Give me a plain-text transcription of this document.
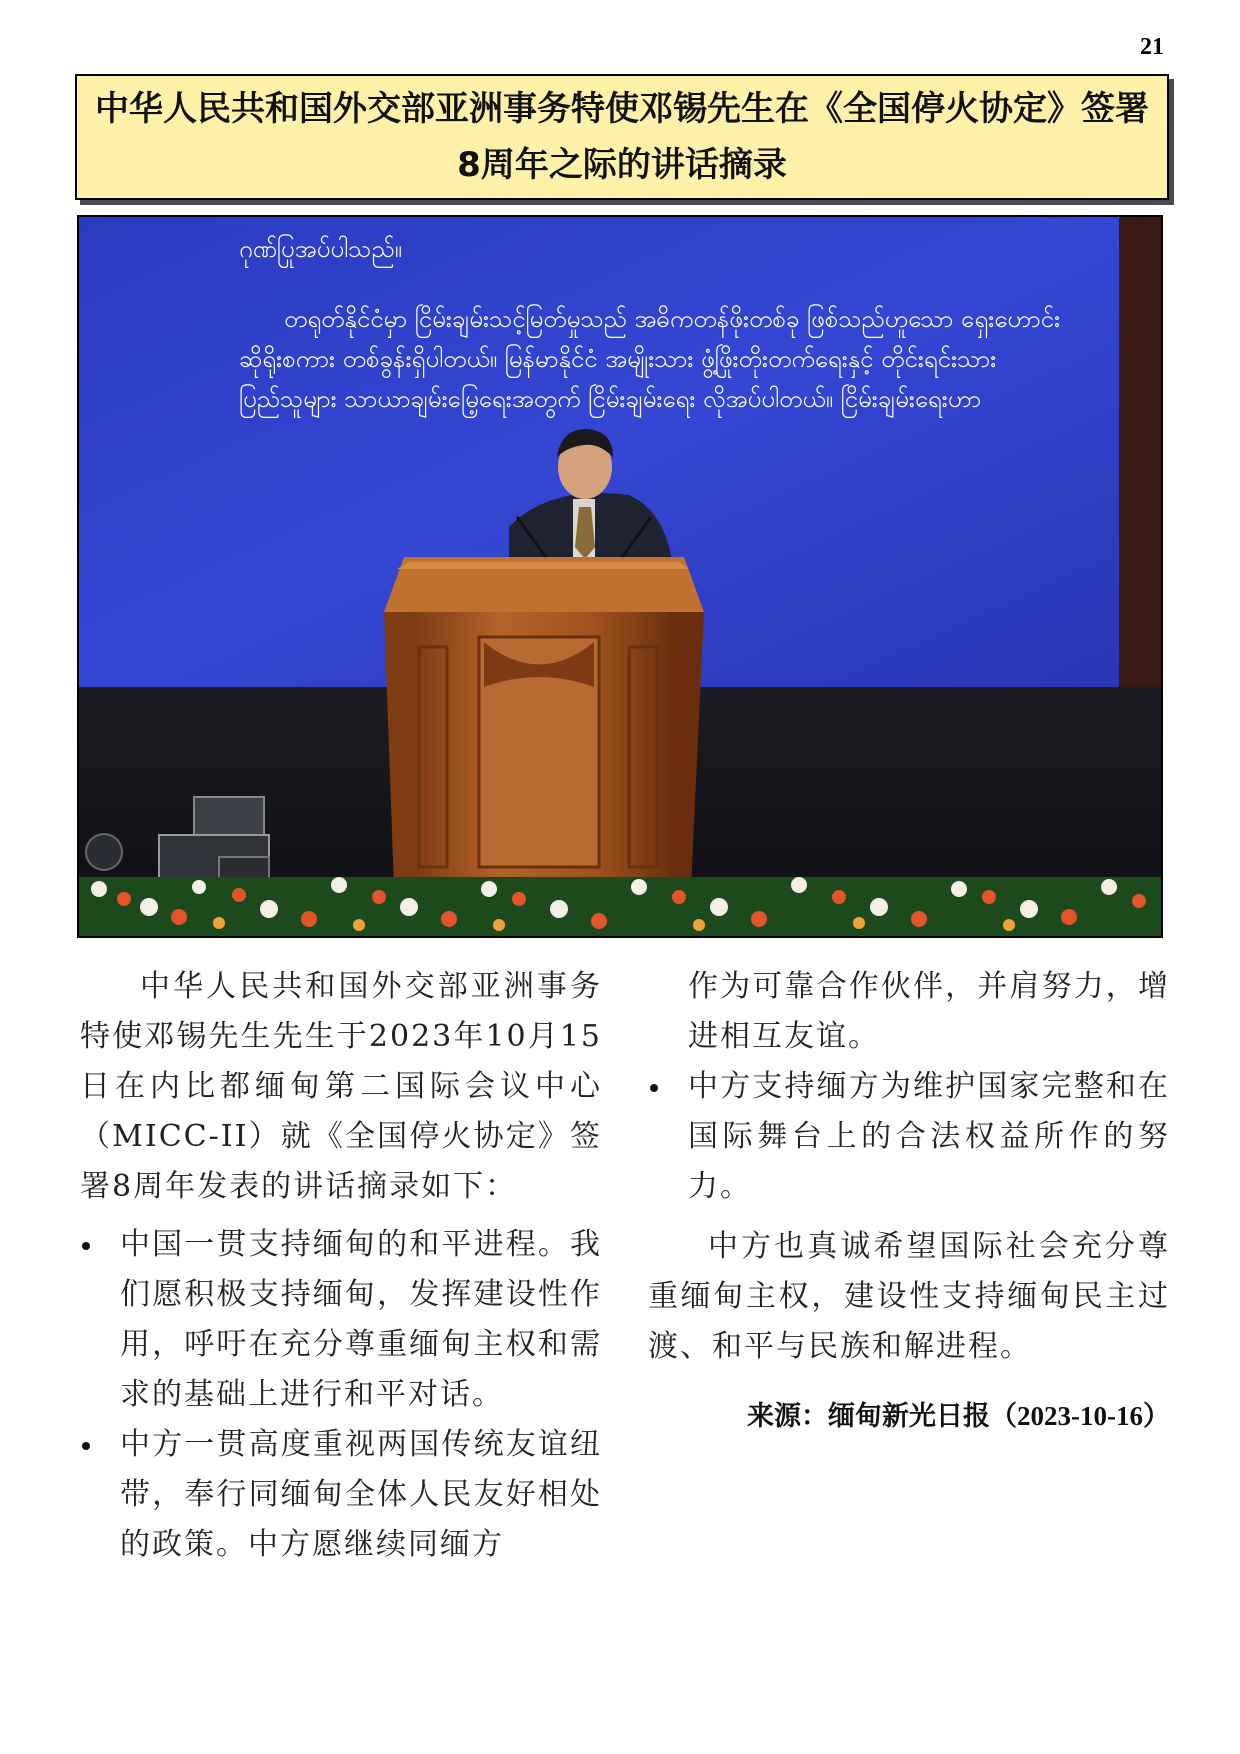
21
中华人民共和国外交部亚洲事务特使邓锡先生在《全国停火协定》签署8周年之际的讲话摘录
ဂုဏ်ပြုအပ်ပါသည်။
တရုတ်နိုင်ငံမှာ ငြိမ်းချမ်းသင့်မြတ်မှုသည် အဓိကတန်ဖိုးတစ်ခု ဖြစ်သည်ဟူသော ရှေးဟောင်း
ဆိုရိုးစကား တစ်ခွန်းရှိပါတယ်။ မြန်မာနိုင်ငံ အမျိုးသား ဖွံ့ဖြိုးတိုးတက်ရေးနှင့် တိုင်းရင်းသား
ပြည်သူများ သာယာချမ်းမြေ့ရေးအတွက် ငြိမ်းချမ်းရေး လိုအပ်ပါတယ်။ ငြိမ်းချမ်းရေးဟာ

中华人民共和国外交部亚洲事务特使邓锡先生先生于2023年10月15日在内比都缅甸第二国际会议中心（MICC-II）就《全国停火协定》签署8周年发表的讲话摘录如下：

中国一贯支持缅甸的和平进程。我们愿积极支持缅甸，发挥建设性作用，呼吁在充分尊重缅甸主权和需求的基础上进行和平对话。
中方一贯高度重视两国传统友谊纽带，奉行同缅甸全体人民友好相处的政策。中方愿继续同缅方
作为可靠合作伙伴，并肩努力，增进相互友谊。
中方支持缅方为维护国家完整和在国际舞台上的合法权益所作的努力。

中方也真诚希望国际社会充分尊重缅甸主权，建设性支持缅甸民主过渡、和平与民族和解进程。

来源：缅甸新光日报（2023-10-16）
